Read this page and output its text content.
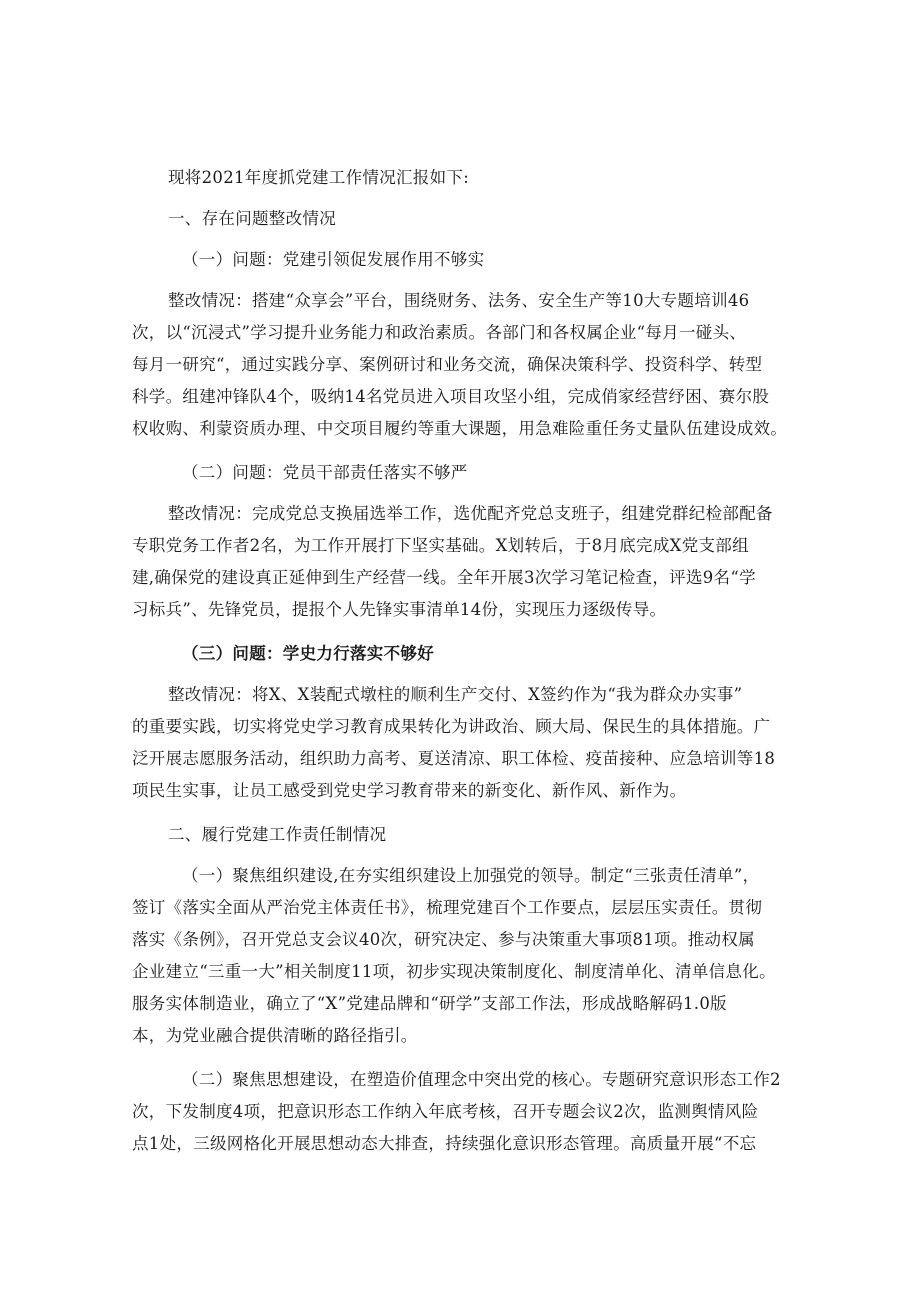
现将2021年度抓党建工作情况汇报如下:

一、存在问题整改情况

（一）问题：党建引领促发展作用不够实

整改情况：搭建“众享会”平台，围绕财务、法务、安全生产等10大专题培训46
次，以“沉浸式”学习提升业务能力和政治素质。各部门和各权属企业“每月一碰头、
每月一研究“，通过实践分享、案例研讨和业务交流，确保决策科学、投资科学、转型
科学。组建冲锋队4个，吸纳14名党员进入项目攻坚小组，完成俏家经营纾困、赛尔股
权收购、利蒙资质办理、中交项目履约等重大课题，用急难险重任务丈量队伍建设成效。

（二）问题：党员干部责任落实不够严

整改情况：完成党总支换届选举工作，选优配齐党总支班子，组建党群纪检部配备
专职党务工作者2名，为工作开展打下坚实基础。X划转后，于8月底完成X党支部组
建,确保党的建设真正延伸到生产经营一线。全年开展3次学习笔记检查，评选9名“学
习标兵”、先锋党员，提报个人先锋实事清单14份，实现压力逐级传导。

（三）问题：学史力行落实不够好

整改情况：将X、X装配式墩柱的顺利生产交付、X签约作为“我为群众办实事”
的重要实践，切实将党史学习教育成果转化为讲政治、顾大局、保民生的具体措施。广
泛开展志愿服务活动，组织助力高考、夏送清凉、职工体检、疫苗接种、应急培训等18
项民生实事，让员工感受到党史学习教育带来的新变化、新作风、新作为。

二、履行党建工作责任制情况

（一）聚焦组织建设,在夯实组织建设上加强党的领导。制定“三张责任清单”，
签订《落实全面从严治党主体责任书》，梳理党建百个工作要点，层层压实责任。贯彻
落实《条例》，召开党总支会议40次，研究决定、参与决策重大事项81项。推动权属
企业建立“三重一大”相关制度11项，初步实现决策制度化、制度清单化、清单信息化。
服务实体制造业，确立了“X”党建品牌和“研学”支部工作法，形成战略解码1.0版
本，为党业融合提供清晰的路径指引。
（二）聚焦思想建设，在塑造价值理念中突出党的核心。专题研究意识形态工作2
次，下发制度4项，把意识形态工作纳入年底考核，召开专题会议2次，监测舆情风险
点1处，三级网格化开展思想动态大排查，持续强化意识形态管理。高质量开展“不忘
